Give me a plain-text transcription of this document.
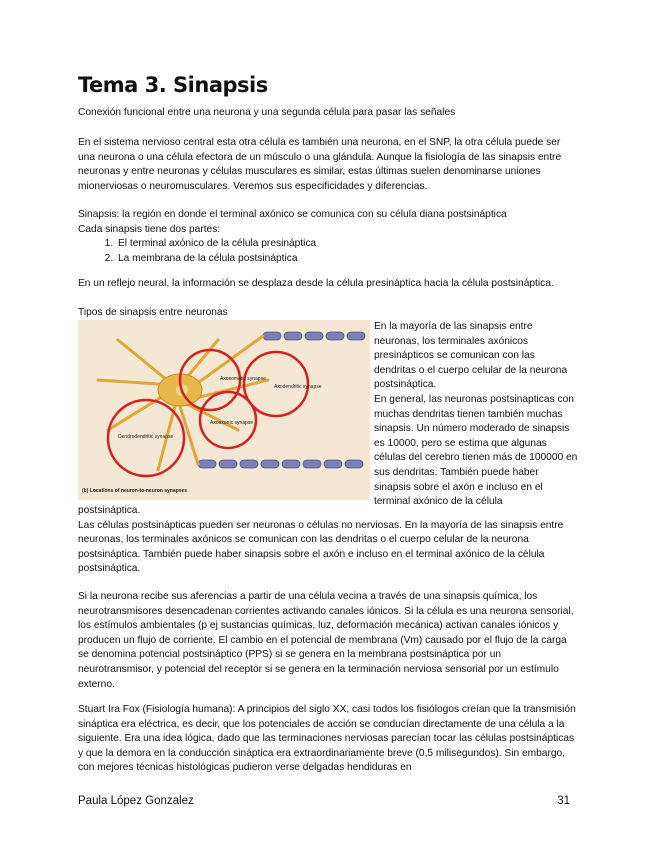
Tema 3. Sinapsis

Conexión funcional entre una neurona y una segunda célula para pasar las señales

En el sistema nervioso central esta otra célula es también una neurona, en el SNP, la otra célula puede ser una neurona o una célula efectora de un músculo o una glándula. Aunque la fisiología de las sinapsis entre neuronas y entre neuronas y células musculares es similar, estas últimas suelen denominarse uniones mionerviosas o neuromusculares. Veremos sus especificidades y diferencias.

Sinapsis: la región en donde el terminal axónico se comunica con su célula diana postsináptica

Cada sinapsis tiene dos partes:

1. El terminal axónico de la célula presináptica
2. La membrana de la célula postsináptica

En un reflejo neural, la información se desplaza desde la célula presináptica hacia la célula postsináptica.

Tipos de sinapsis entre neuronas

Axosomatic synapse
Axodendritic synapse
Axoaxonic synapse
Dendrodendritic synapse
(b) Locations of neuron-to-neuron synapses

En la mayoría de las sinapsis entre neuronas, los terminales axónicos presinápticos se comunican con las dendritas o el cuerpo celular de la neurona postsináptica.
En general, las neuronas postsinapticas con muchas dendritas tienen también muchas sinapsis. Un número moderado de sinapsis es 10000, pero se estima que algunas células del cerebro tienen más de 100000 en sus dendritas. También puede haber sinapsis sobre el axón e incluso en el terminal axónico de la célula

postsináptica.
Las células postsinápticas pueden ser neuronas o células no nerviosas. En la mayoría de las sinapsis entre neuronas, los terminales axónicos se comunican con las dendritas o el cuerpo celular de la neurona postsináptica. También puede haber sinapsis sobre el axón e incluso en el terminal axónico de la célula postsináptica.

Si la neurona recibe sus aferencias a partir de una célula vecina a través de una sinapsis química, los neurotransmisores desencadenan corrientes activando canales iónicos. Si la célula es una neurona sensorial, los estímulos ambientales (p ej sustancias químicas, luz, deformación mecánica) activan canales iónicos y producen un flujo de corriente. El cambio en el potencial de membrana (Vm) causado por el flujo de la carga se denomina potencial postsináptico (PPS) si se genera en la membrana postsináptica por un neurotransmisor, y potencial del receptor si se genera en la terminación nerviosa sensorial por un estímulo externo.

Stuart Ira Fox (Fisiología humana): A principios del siglo XX, casi todos los fisiólogos creían que la transmisión sináptica era eléctrica, es decir, que los potenciales de acción se conducían directamente de una célula a la siguiente. Era una idea lógica, dado que las terminaciones nerviosas parecían tocar las células postsinápticas y que la demora en la conducción sináptica era extraordinariamente breve (0,5 milisegundos). Sin embargo, con mejores técnicas histológicas pudieron verse delgadas hendiduras en

Paula López Gonzalez	31
